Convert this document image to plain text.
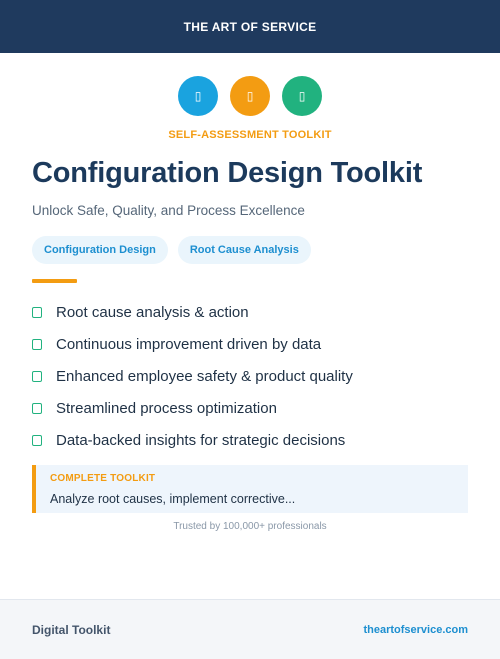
THE ART OF SERVICE
▯	▯	▯
SELF-ASSESSMENT TOOLKIT
Configuration Design Toolkit

Unlock Safe, Quality, and Process Excellence

Configuration Design	Root Cause Analysis
Root cause analysis & action
Continuous improvement driven by data
Enhanced employee safety & product quality
Streamlined process optimization
Data-backed insights for strategic decisions
COMPLETE TOOLKIT
Analyze root causes, implement corrective...
Trusted by 100,000+ professionals
Digital Toolkit	theartofservice.com
